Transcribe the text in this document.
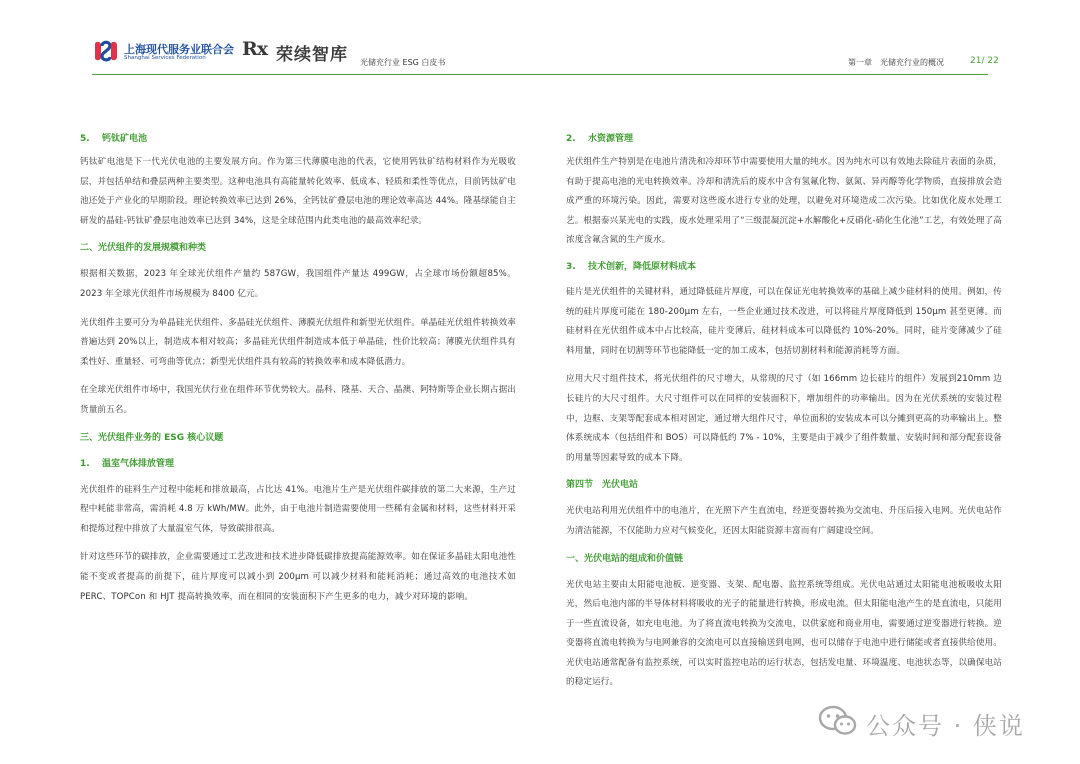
上海现代服务业联合会
Shanghai Services Federation Rx 荣续智库 光储充行业 ESG 白皮书	第一章　光储充行业的概况	21/ 22
5. 钙钛矿电池

钙钛矿电池是下一代光伏电池的主要发展方向。作为第三代薄膜电池的代表，它使用钙钛矿结构材料作为光吸收层，并包括单结和叠层两种主要类型。这种电池具有高能量转化效率、低成本、轻质和柔性等优点，目前钙钛矿电池还处于产业化的早期阶段。理论转换效率已达到 26%，全钙钛矿叠层电池的理论效率高达 44%。隆基绿能自主研发的晶硅-钙钛矿叠层电池效率已达到 34%，这是全球范围内此类电池的最高效率纪录。

二、光伏组件的发展规模和种类

根据相关数据，2023 年全球光伏组件产量约 587GW，我国组件产量达 499GW，占全球市场份额超85%。2023 年全球光伏组件市场规模为 8400 亿元。

光伏组件主要可分为单晶硅光伏组件、多晶硅光伏组件、薄膜光伏组件和新型光伏组件。单晶硅光伏组件转换效率普遍达到 20%以上，制造成本相对较高；多晶硅光伏组件制造成本低于单晶硅，性价比较高；薄膜光伏组件具有柔性好、重量轻、可弯曲等优点；新型光伏组件具有较高的转换效率和成本降低潜力。

在全球光伏组件市场中，我国光伏行业在组件环节优势较大。晶科、隆基、天合、晶澳、阿特斯等企业长期占据出货量前五名。

三、光伏组件业务的 ESG 核心议题
1. 温室气体排放管理

光伏组件的硅料生产过程中能耗和排放最高，占比达 41%。电池片生产是光伏组件碳排放的第二大来源，生产过程中耗能非常高，需消耗 4.8 万 kWh/MW。此外，由于电池片制造需要使用一些稀有金属和材料，这些材料开采和提炼过程中排放了大量温室气体，导致碳排很高。

针对这些环节的碳排放，企业需要通过工艺改进和技术进步降低碳排放提高能源效率。如在保证多晶硅太阳电池性能不变或者提高的前提下，硅片厚度可以减小到 200μm 可以减少材料和能耗消耗；通过高效的电池技术如 PERC、TOPCon 和 HJT 提高转换效率，而在相同的安装面积下产生更多的电力，减少对环境的影响。

2. 水资源管理

光伏组件生产特别是在电池片清洗和冷却环节中需要使用大量的纯水。因为纯水可以有效地去除硅片表面的杂质，有助于提高电池的光电转换效率。冷却和清洗后的废水中含有氢氟化物、氨氮、异丙醇等化学物质，直接排放会造成严重的环境污染。因此，需要对这些废水进行专业的处理，以避免对环境造成二次污染。比如优化废水处理工艺。根据泰兴某光电的实践，废水处理采用了“三级混凝沉淀+水解酸化+反硝化-硝化生化池”工艺，有效处理了高浓度含氟含氮的生产废水。

3. 技术创新，降低原材料成本

硅片是光伏组件的关键材料，通过降低硅片厚度，可以在保证光电转换效率的基础上减少硅材料的使用。例如，传统的硅片厚度可能在 180-200μm 左右，一些企业通过技术改进，可以将硅片厚度降低到 150μm 甚至更薄。而硅材料在光伏组件成本中占比较高，硅片变薄后，硅材料成本可以降低约 10%-20%。同时，硅片变薄减少了硅料用量，同时在切割等环节也能降低一定的加工成本，包括切割材料和能源消耗等方面。

应用大尺寸组件技术，将光伏组件的尺寸增大，从常规的尺寸（如 166mm 边长硅片的组件）发展到210mm 边长硅片的大尺寸组件。大尺寸组件可以在同样的安装面积下，增加组件的功率输出。因为在光伏系统的安装过程中，边框、支架等配套成本相对固定，通过增大组件尺寸，单位面积的安装成本可以分摊到更高的功率输出上。整体系统成本（包括组件和 BOS）可以降低约 7% - 10%，主要是由于减少了组件数量、安装时间和部分配套设备的用量等因素导致的成本下降。

第四节　光伏电站

光伏电站利用光伏组件中的电池片，在光照下产生直流电，经逆变器转换为交流电、升压后接入电网。光伏电站作为清洁能源，不仅能助力应对气候变化，还因太阳能资源丰富而有广阔建设空间。

一、光伏电站的组成和价值链

光伏电站主要由太阳能电池板、逆变器、支架、配电器、监控系统等组成。光伏电站通过太阳能电池板吸收太阳光，然后电池内部的半导体材料将吸收的光子的能量进行转换，形成电流。但太阳能电池产生的是直流电，只能用于一些直流设备，如充电电池。为了将直流电转换为交流电，以供家庭和商业用电，需要通过逆变器进行转换。逆变器将直流电转换为与电网兼容的交流电可以直接输送到电网，也可以储存于电池中进行储能或者直接供给使用。光伏电站通常配备有监控系统，可以实时监控电站的运行状态，包括发电量、环境温度、电池状态等，以确保电站的稳定运行。

公众号 · 侠说
